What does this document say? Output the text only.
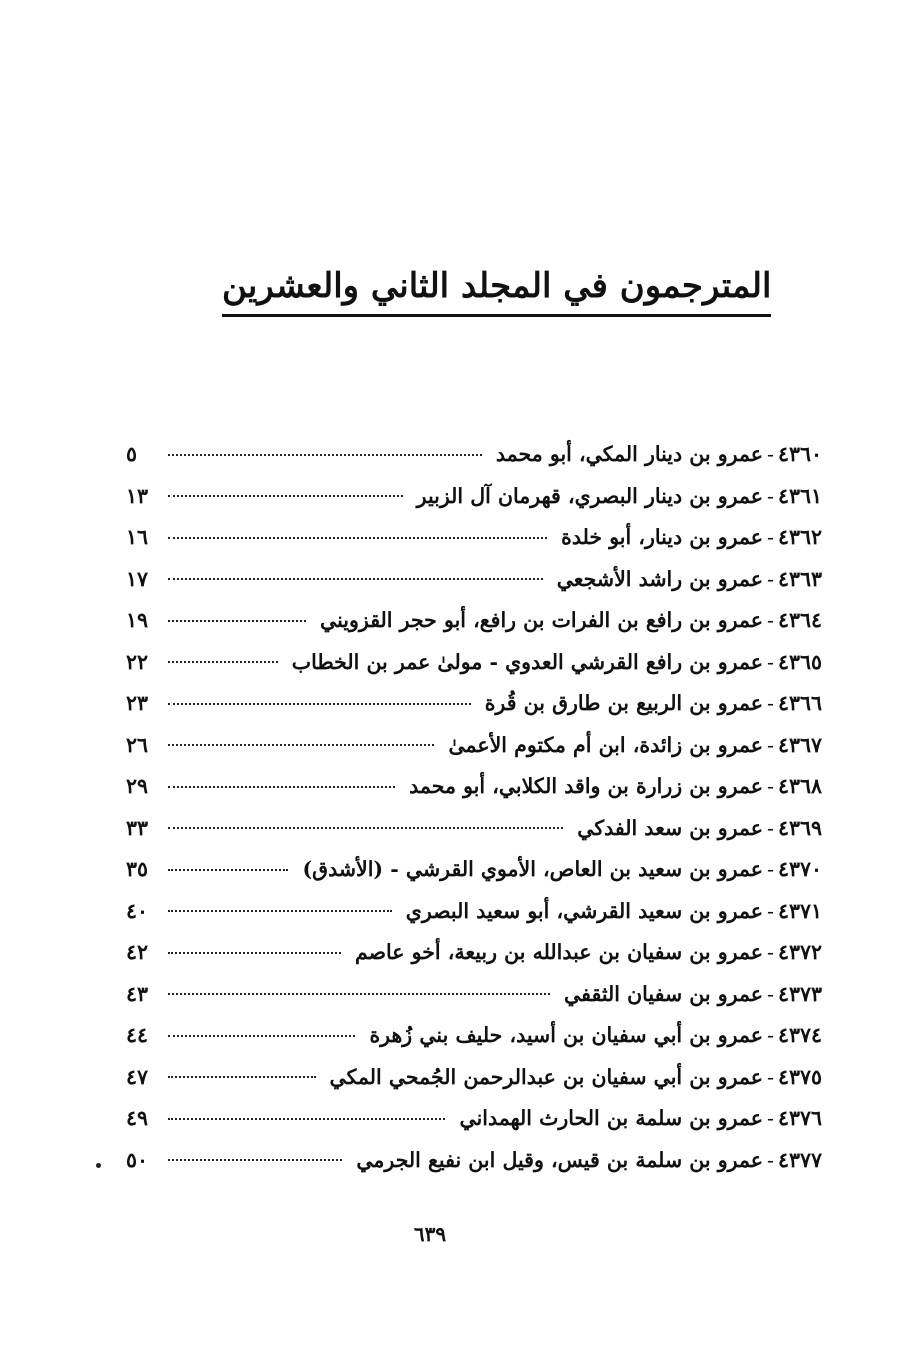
المترجمون في المجلد الثاني والعشرين
٤٣٦٠
-
عمرو بن دينار المكي، أبو محمد
٥
٤٣٦١
-
عمرو بن دينار البصري، قهرمان آل الزبير
١٣
٤٣٦٢
-
عمرو بن دينار، أبو خلدة
١٦
٤٣٦٣
-
عمرو بن راشد الأشجعي
١٧
٤٣٦٤
-
عمرو بن رافع بن الفرات بن رافع، أبو حجر القزويني
١٩
٤٣٦٥
-
عمرو بن رافع القرشي العدوي - مولىٰ عمر بن الخطاب
٢٢
٤٣٦٦
-
عمرو بن الربيع بن طارق بن قُرة
٢٣
٤٣٦٧
-
عمرو بن زائدة، ابن أم مكتوم الأعمىٰ
٢٦
٤٣٦٨
-
عمرو بن زرارة بن واقد الكلابي، أبو محمد
٢٩
٤٣٦٩
-
عمرو بن سعد الفدكي
٣٣
٤٣٧٠
-
عمرو بن سعيد بن العاص، الأموي القرشي - (الأشدق)
٣٥
٤٣٧١
-
عمرو بن سعيد القرشي، أبو سعيد البصري
٤٠
٤٣٧٢
-
عمرو بن سفيان بن عبدالله بن ربيعة، أخو عاصم
٤٢
٤٣٧٣
-
عمرو بن سفيان الثقفي
٤٣
٤٣٧٤
-
عمرو بن أبي سفيان بن أسيد، حليف بني زُهرة
٤٤
٤٣٧٥
-
عمرو بن أبي سفيان بن عبدالرحمن الجُمحي المكي
٤٧
٤٣٧٦
-
عمرو بن سلمة بن الحارث الهمداني
٤٩
٤٣٧٧
-
عمرو بن سلمة بن قيس، وقيل ابن نفيع الجرمي
٥٠
٦٣٩
